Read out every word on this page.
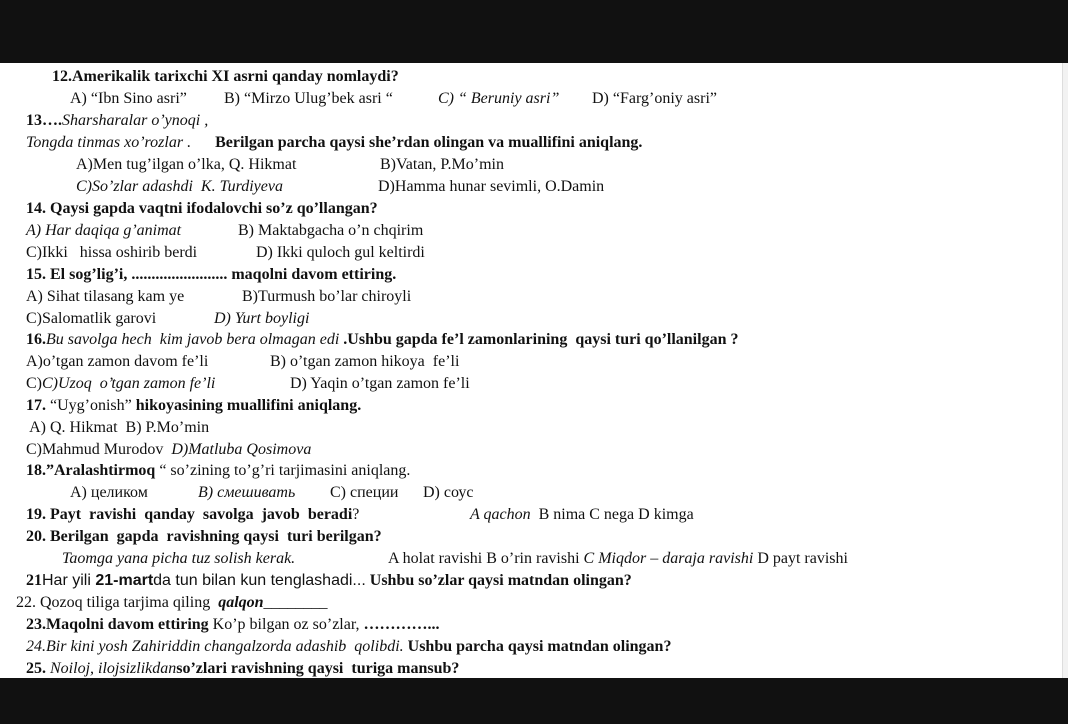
12.Amerikalik tarixchi XI asrni qanday nomlaydi?
A) “Ibn Sino asri” B) “Mirzo Ulug’bek asri “	C) “ Beruniy asri” D) “Farg’oniy asri”
13….Sharsharalar o’ynoqi ,
Tongda tinmas xo’rozlar . Berilgan parcha qaysi she’rdan olingan va muallifini aniqlang.
A)Men tug’ilgan o’lka, Q. Hikmat	B)Vatan, P.Mo’min
C)So’zlar adashdi  K. Turdiyeva	D)Hamma hunar sevimli, O.Damin
14. Qaysi gapda vaqtni ifodalovchi so’z qo’llangan?
A) Har daqiqa g’animat	B) Maktabgacha o’n chqirim
C)Ikki   hissa oshirib berdi	D) Ikki quloch gul keltirdi
15. El sog’lig’i, ........................ maqolni davom ettiring.
A) Sihat tilasang kam ye	B)Turmush bo’lar chiroyli
C)Salomatlik garovi	D) Yurt boyligi
16.Bu savolga hech  kim javob bera olmagan edi .Ushbu gapda fe’l zamonlarining  qaysi turi qo’llanilgan ?
A)o’tgan zamon davom fe’li	B) o’tgan zamon hikoya  fe’li
C)C)Uzoq  o’tgan zamon fe’li	D) Yaqin o’tgan zamon fe’li
17. “Uyg’onish” hikoyasining muallifini aniqlang.
A) Q. Hikmat  B) P.Mo’min
C)Mahmud Murodov  D)Matluba Qosimova
18.”Aralashtirmoq “ so’zining to’g’ri tarjimasini aniqlang.
A) целиком	B) смешивать C) специи D) соус
19. Payt  ravishi  qanday  savolga  javob  beradi?	A qachon  B nima C nega D kimga
20. Berilgan  gapda  ravishning qaysi  turi berilgan?
Taomga yana picha tuz solish kerak.	A holat ravishi B o’rin ravishi C Miqdor – daraja ravishi D payt ravishi
21Har yili 21-martda tun bilan kun tenglashadi... Ushbu so’zlar qaysi matndan olingan?
22. Qozoq tiligа tarjima qiling  qalqon________
23.Maqolni davom ettiring Ko’p bilgan oz so’zlar, …………...
24.Bir kini yosh Zahiriddin changalzorda adashib  qolibdi. Ushbu parcha qaysi matndan olingan?
25. Noiloj, ilojsizlikdanso’zlari ravishning qaysi  turiga mansub?
